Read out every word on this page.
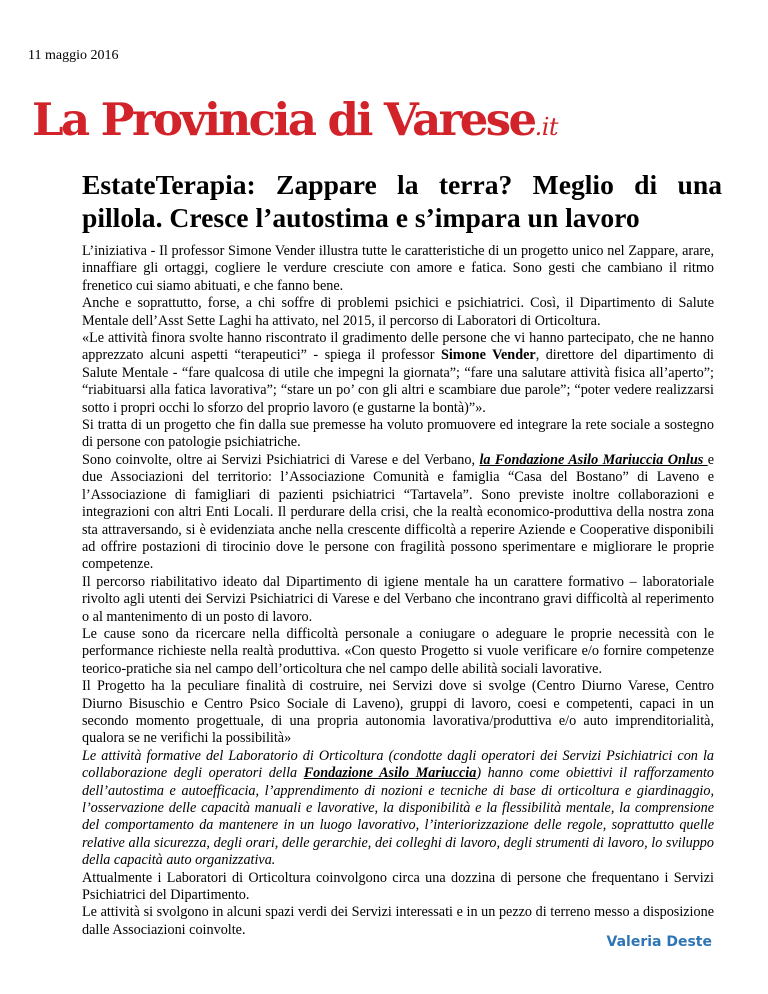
11 maggio 2016
La Provincia di Varese.it
EstateTerapia: Zappare la terra? Meglio di una pillola. Cresce l’autostima e s’impara un lavoro

L’iniziativa - Il professor Simone Vender illustra tutte le caratteristiche di un progetto unico nel Zappare, arare, innaffiare gli ortaggi, cogliere le verdure cresciute con amore e fatica. Sono gesti che cambiano il ritmo frenetico cui siamo abituati, e che fanno bene.

Anche e soprattutto, forse, a chi soffre di problemi psichici e psichiatrici. Così, il Dipartimento di Salute Mentale dell’Asst Sette Laghi ha attivato, nel 2015, il percorso di Laboratori di Orticoltura.

«Le attività finora svolte hanno riscontrato il gradimento delle persone che vi hanno partecipato, che ne hanno apprezzato alcuni aspetti “terapeutici” - spiega il professor Simone Vender, direttore del dipartimento di Salute Mentale - “fare qualcosa di utile che impegni la giornata”; “fare una salutare attività fisica all’aperto”; “riabituarsi alla fatica lavorativa”; “stare un po’ con gli altri e scambiare due parole”; “poter vedere realizzarsi sotto i propri occhi lo sforzo del proprio lavoro (e gustarne la bontà)”».

Si tratta di un progetto che fin dalla sue premesse ha voluto promuovere ed integrare la rete sociale a sostegno di persone con patologie psichiatriche.

Sono coinvolte, oltre ai Servizi Psichiatrici di Varese e del Verbano, la Fondazione Asilo Mariuccia Onlus e due Associazioni del territorio: l’Associazione Comunità e famiglia “Casa del Bostano” di Laveno e l’Associazione di famigliari di pazienti psichiatrici “Tartavela”. Sono previste inoltre collaborazioni e integrazioni con altri Enti Locali. Il perdurare della crisi, che la realtà economico-produttiva della nostra zona sta attraversando, si è evidenziata anche nella crescente difficoltà a reperire Aziende e Cooperative disponibili ad offrire postazioni di tirocinio dove le persone con fragilità possono sperimentare e migliorare le proprie competenze.

Il percorso riabilitativo ideato dal Dipartimento di igiene mentale ha un carattere formativo – laboratoriale rivolto agli utenti dei Servizi Psichiatrici di Varese e del Verbano che incontrano gravi difficoltà al reperimento o al mantenimento di un posto di lavoro.

Le cause sono da ricercare nella difficoltà personale a coniugare o adeguare le proprie necessità con le performance richieste nella realtà produttiva. «Con questo Progetto si vuole verificare e/o fornire competenze teorico-pratiche sia nel campo dell’orticoltura che nel campo delle abilità sociali lavorative.

Il Progetto ha la peculiare finalità di costruire, nei Servizi dove si svolge (Centro Diurno Varese, Centro Diurno Bisuschio e Centro Psico Sociale di Laveno), gruppi di lavoro, coesi e competenti, capaci in un secondo momento progettuale, di una propria autonomia lavorativa/produttiva e/o auto imprenditorialità, qualora se ne verifichi la possibilità»

Le attività formative del Laboratorio di Orticoltura (condotte dagli operatori dei Servizi Psichiatrici con la collaborazione degli operatori della Fondazione Asilo Mariuccia) hanno come obiettivi il rafforzamento dell’autostima e autoefficacia, l’apprendimento di nozioni e tecniche di base di orticoltura e giardinaggio, l’osservazione delle capacità manuali e lavorative, la disponibilità e la flessibilità mentale, la comprensione del comportamento da mantenere in un luogo lavorativo, l’interiorizzazione delle regole, soprattutto quelle relative alla sicurezza, degli orari, delle gerarchie, dei colleghi di lavoro, degli strumenti di lavoro, lo sviluppo della capacità auto organizzativa.

Attualmente i Laboratori di Orticoltura coinvolgono circa una dozzina di persone che frequentano i Servizi Psichiatrici del Dipartimento.

Le attività si svolgono in alcuni spazi verdi dei Servizi interessati e in un pezzo di terreno messo a disposizione dalle Associazioni coinvolte.

Valeria Deste
